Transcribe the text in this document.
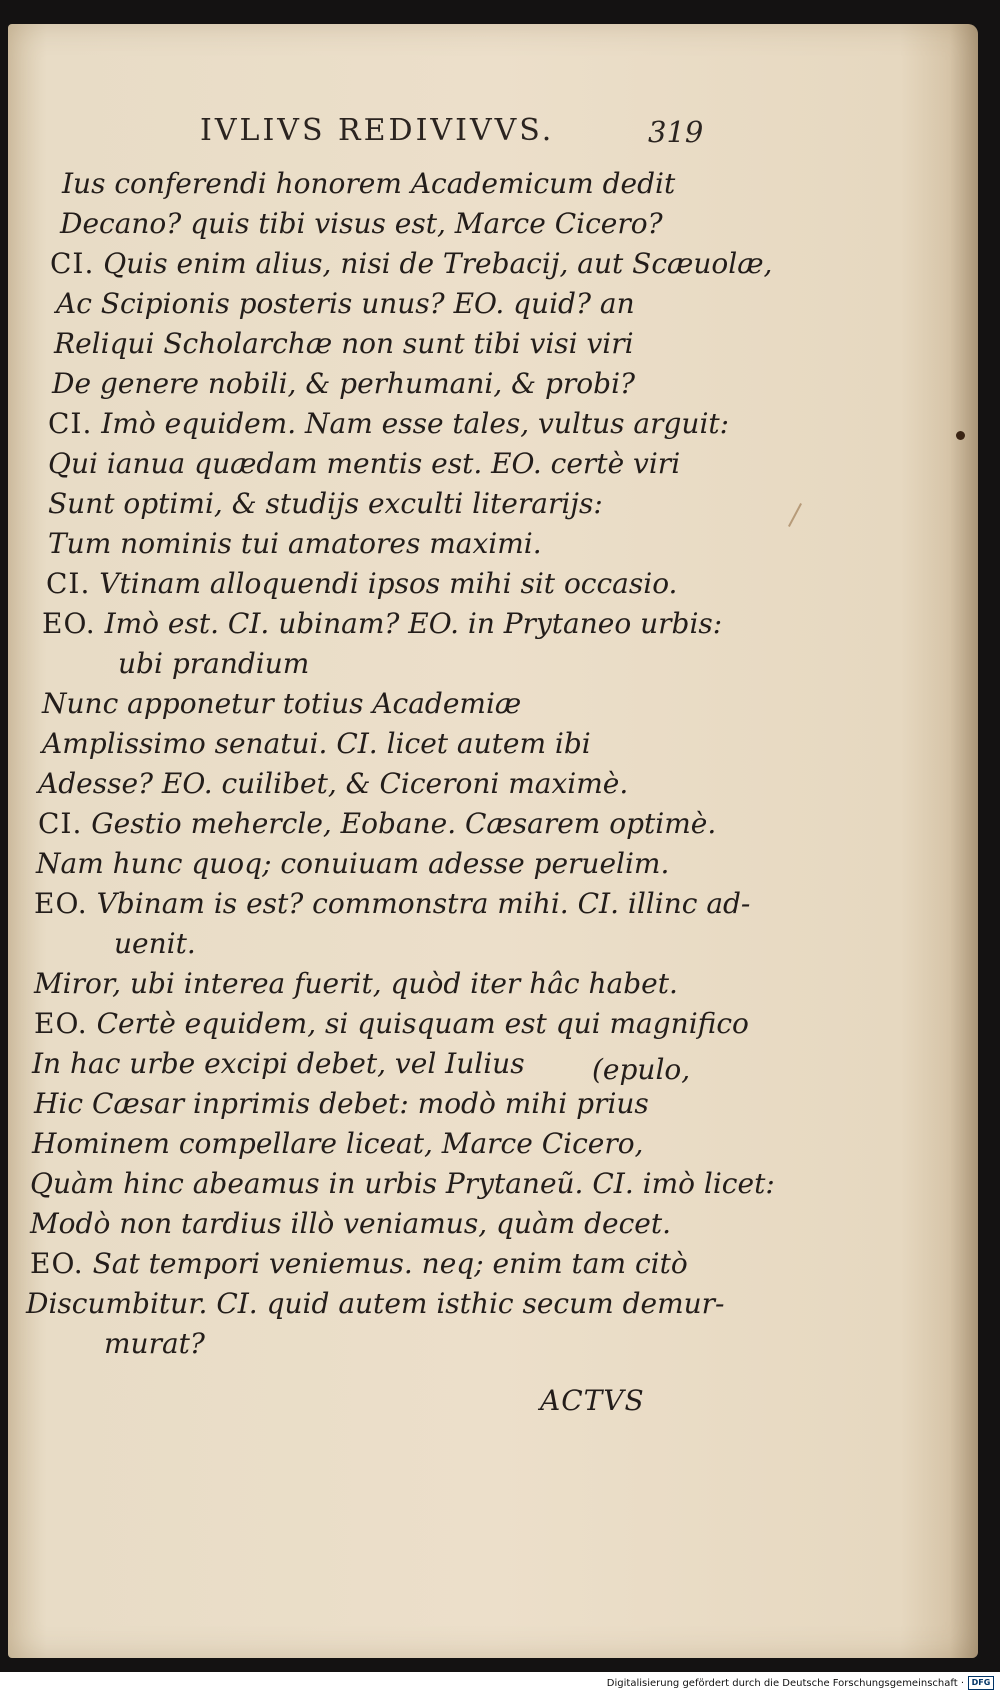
IVLIVS REDIVIVVS.	319
Ius conferendi honorem Academicum dedit
Decano? quis tibi visus est, Marce Cicero?
CI. Quis enim alius, nisi de Trebacij, aut Scæuolæ,
Ac Scipionis posteris unus? EO. quid? an
Reliqui Scholarchæ non sunt tibi visi viri
De genere nobili, & perhumani, & probi?
CI. Imò equidem. Nam esse tales, vultus arguit:
Qui ianua quædam mentis est. EO. certè viri
Sunt optimi, & studijs exculti literarijs:
Tum nominis tui amatores maximi.
CI. Vtinam alloquendi ipsos mihi sit occasio.
EO. Imò est. CI. ubinam? EO. in Prytaneo urbis:
ubi prandium
Nunc apponetur totius Academiæ
Amplissimo senatui. CI. licet autem ibi
Adesse? EO. cuilibet, & Ciceroni maximè.
CI. Gestio mehercle, Eobane. Cæsarem optimè.
Nam hunc quoq; conuiuam adesse peruelim.
EO. Vbinam is est? commonstra mihi. CI. illinc ad-
uenit.
Miror, ubi interea fuerit, quòd iter hâc habet.
EO. Certè equidem, si quisquam est qui magnifico
In hac urbe excipi debet, vel Iulius (epulo,
Hic Cæsar inprimis debet: modò mihi prius
Hominem compellare liceat, Marce Cicero,
Quàm hinc abeamus in urbis Prytaneũ. CI. imò licet:
Modò non tardius illò veniamus, quàm decet.
EO. Sat tempori veniemus. neq; enim tam citò
Discumbitur. CI. quid autem isthic secum demur-
murat?
ACTVS
Digitalisierung gefördert durch die Deutsche Forschungsgemeinschaft · DFG
